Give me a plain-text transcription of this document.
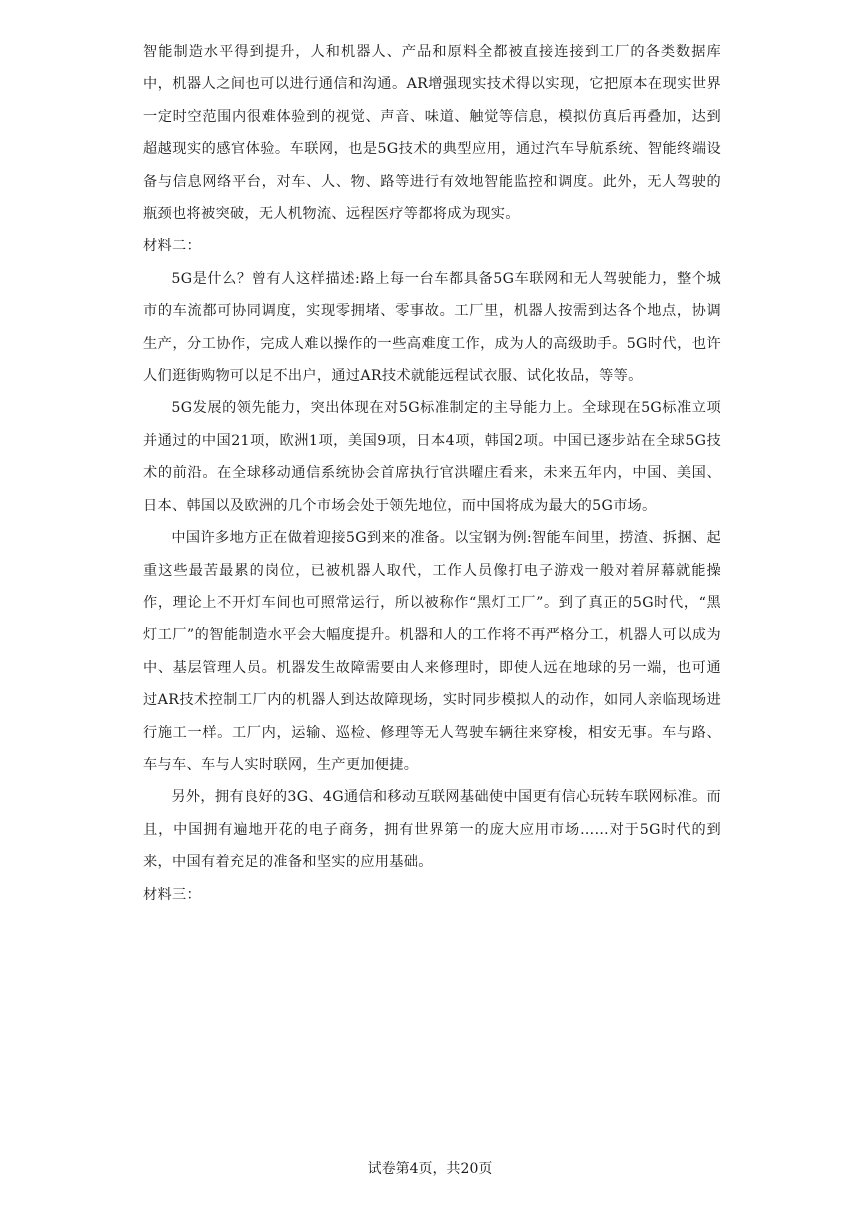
智能制造水平得到提升，人和机器人、产品和原料全都被直接连接到工厂的各类数据库中，机器人之间也可以进行通信和沟通。AR增强现实技术得以实现，它把原本在现实世界一定时空范围内很难体验到的视觉、声音、味道、触觉等信息，模拟仿真后再叠加，达到超越现实的感官体验。车联网，也是5G技术的典型应用，通过汽车导航系统、智能终端设备与信息网络平台，对车、人、物、路等进行有效地智能监控和调度。此外，无人驾驶的瓶颈也将被突破，无人机物流、远程医疗等都将成为现实。

材料二：

5G是什么？曾有人这样描述:路上每一台车都具备5G车联网和无人驾驶能力，整个城市的车流都可协同调度，实现零拥堵、零事故。工厂里，机器人按需到达各个地点，协调生产，分工协作，完成人难以操作的一些高难度工作，成为人的高级助手。5G时代，也许人们逛街购物可以足不出户，通过AR技术就能远程试衣服、试化妆品，等等。

5G发展的领先能力，突出体现在对5G标准制定的主导能力上。全球现在5G标准立项并通过的中国21项，欧洲1项，美国9项，日本4项，韩国2项。中国已逐步站在全球5G技术的前沿。在全球移动通信系统协会首席执行官洪曜庄看来，未来五年内，中国、美国、日本、韩国以及欧洲的几个市场会处于领先地位，而中国将成为最大的5G市场。

中国许多地方正在做着迎接5G到来的准备。以宝钢为例:智能车间里，捞渣、拆捆、起重这些最苦最累的岗位，已被机器人取代，工作人员像打电子游戏一般对着屏幕就能操作，理论上不开灯车间也可照常运行，所以被称作“黑灯工厂”。到了真正的5G时代，“黑灯工厂”的智能制造水平会大幅度提升。机器和人的工作将不再严格分工，机器人可以成为中、基层管理人员。机器发生故障需要由人来修理时，即使人远在地球的另一端，也可通过AR技术控制工厂内的机器人到达故障现场，实时同步模拟人的动作，如同人亲临现场进行施工一样。工厂内，运输、巡检、修理等无人驾驶车辆往来穿梭，相安无事。车与路、车与车、车与人实时联网，生产更加便捷。

另外，拥有良好的3G、4G通信和移动互联网基础使中国更有信心玩转车联网标准。而且，中国拥有遍地开花的电子商务，拥有世界第一的庞大应用市场……对于5G时代的到来，中国有着充足的准备和坚实的应用基础。

材料三：

试卷第4页，共20页
